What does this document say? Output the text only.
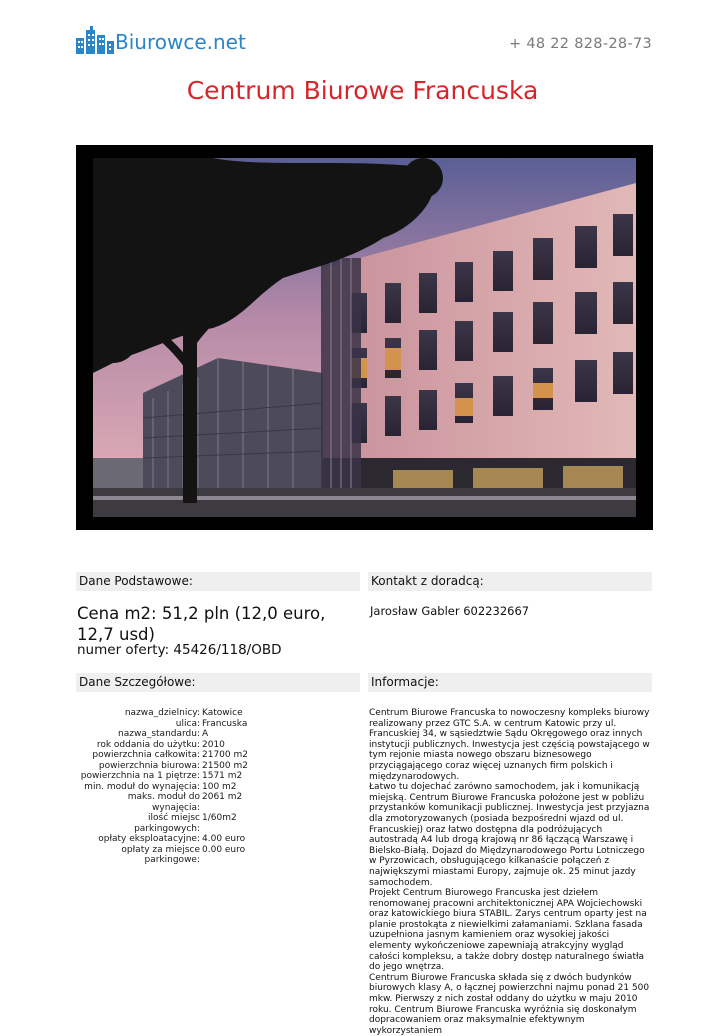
Biurowce.net	+ 48 22 828-28-73
Centrum Biurowe Francuska
Dane Podstawowe:	Kontakt z doradcą:
Cena m2: 51,2 pln (12,0 euro, 12,7 usd)
numer oferty: 45426/118/OBD
Jarosław Gabler 602232667
Dane Szczegółowe:	Informacje:
nazwa_dzielnicy: Katowice
ulica: Francuska
nazwa_standardu: A
rok oddania do użytku: 2010
powierzchnia całkowita: 21700 m2
powierzchnia biurowa: 21500 m2
powierzchnia na 1 piętrze: 1571 m2
min. moduł do wynajęcia: 100 m2
maks. moduł do wynajęcia:
2061 m2
ilość miejsc parkingowych:
1/60m2
opłaty eksploatacyjne: 4.00 euro
opłaty za miejsce parkingowe:
0.00 euro

Centrum Biurowe Francuska to nowoczesny kompleks biurowy realizowany przez GTC S.A. w centrum Katowic przy ul. Francuskiej 34, w sąsiedztwie Sądu Okręgowego oraz innych instytucji publicznych. Inwestycja jest częścią powstającego w tym rejonie miasta nowego obszaru biznesowego przyciągającego coraz więcej uznanych firm polskich i międzynarodowych.

Łatwo tu dojechać zarówno samochodem, jak i komunikacją miejską. Centrum Biurowe Francuska położone jest w pobliżu przystanków komunikacji publicznej. Inwestycja jest przyjazna dla zmotoryzowanych (posiada bezpośredni wjazd od ul. Francuskiej) oraz łatwo dostępna dla podróżujących autostradą A4 lub drogą krajową nr 86 łączącą Warszawę i Bielsko-Białą. Dojazd do Międzynarodowego Portu Lotniczego w Pyrzowicach, obsługującego kilkanaście połączeń z największymi miastami Europy, zajmuje ok. 25 minut jazdy samochodem.

Projekt Centrum Biurowego Francuska jest dziełem renomowanej pracowni architektonicznej APA Wojciechowski oraz katowickiego biura STABIL. Zarys centrum oparty jest na planie prostokąta z niewielkimi załamaniami. Szklana fasada uzupełniona jasnym kamieniem oraz wysokiej jakości elementy wykończeniowe zapewniają atrakcyjny wygląd całości kompleksu, a także dobry dostęp naturalnego światła do jego wnętrza.

Centrum Biurowe Francuska składa się z dwóch budynków biurowych klasy A, o łącznej powierzchni najmu ponad 21 500 mkw. Pierwszy z nich został oddany do użytku w maju 2010 roku. Centrum Biurowe Francuska wyróżnia się doskonałym dopracowaniem oraz maksymalnie efektywnym wykorzystaniem
